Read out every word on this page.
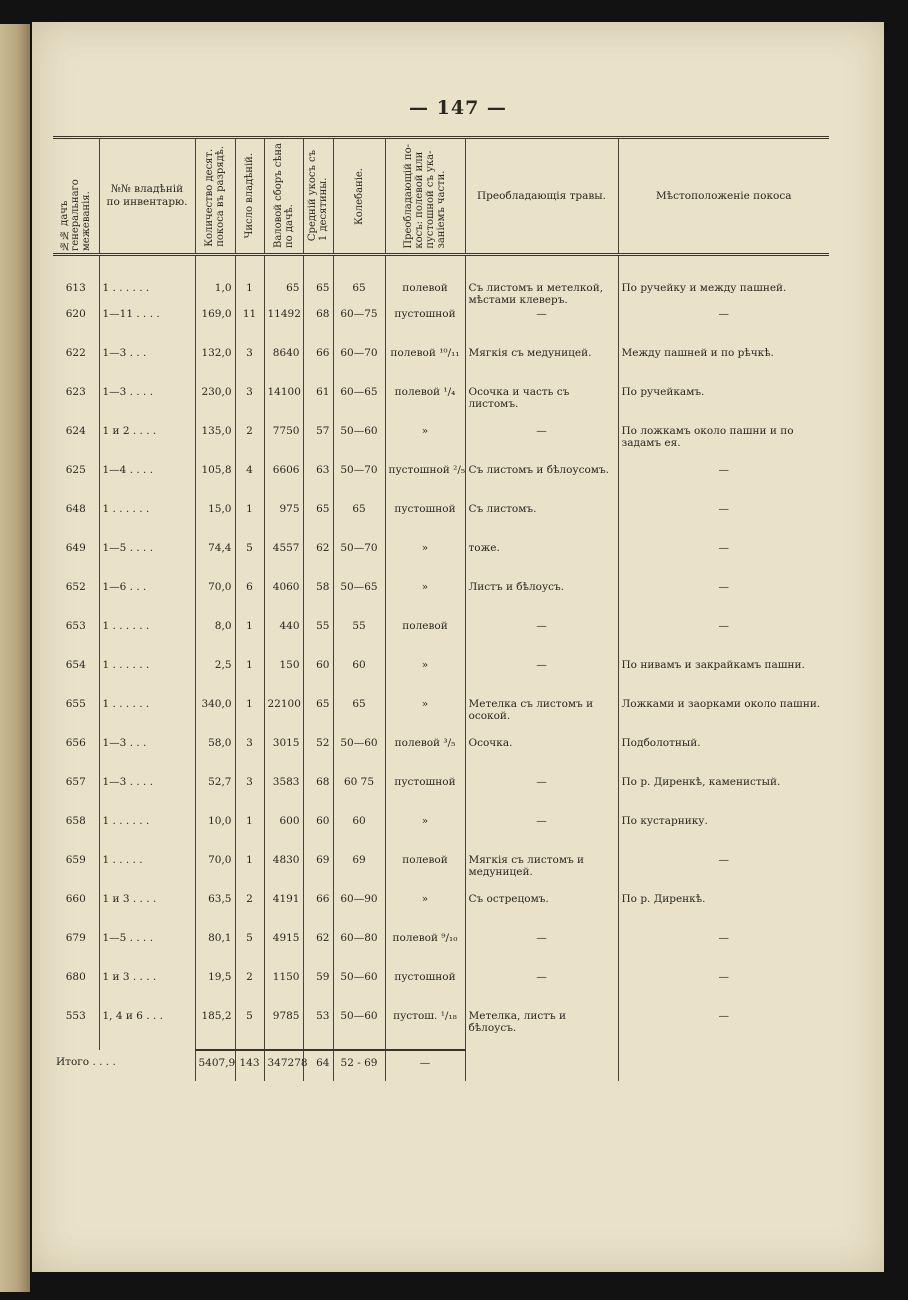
— 147 —
№№ дачъ генеральнаго межеванія.	№№ владѣній
по инвентарю.	Количество десят.
покоса въ разрядѣ.	Число владѣній.	Валовой сборъ сѣна
по дачѣ.	Средній укосъ съ
1 десятины.	Колебаніе.	Преобладающій по-
косъ: полевой или
пустошной съ ука-
заніемъ части.	Преобладающія травы.	Мѣстоположеніе покоса

613	1 . . . . . .	1,0	1	65	65	65	полевой	Съ листомъ и метелкой, мѣстами клеверъ.	По ручейку и между пашней.
620	1—11 . . . .	169,0	11	11492	68	60—75	пустошной	—	—
622	1—3 . . .	132,0	3	8640	66	60—70	полевой ¹⁰/₁₁	Мягкія съ медуницей.	Между пашней и по рѣчкѣ.
623	1—3 . . . .	230,0	3	14100	61	60—65	полевой ¹/₄	Осочка и часть съ листомъ.	По ручейкамъ.
624	1 и 2 . . . .	135,0	2	7750	57	50—60	»	—	По ложкамъ около пашни и по задамъ ея.
625	1—4 . . . .	105,8	4	6606	63	50—70	пустошной ²/₅	Съ листомъ и бѣлоусомъ.	—
648	1 . . . . . .	15,0	1	975	65	65	пустошной	Съ листомъ.	—
649	1—5 . . . .	74,4	5	4557	62	50—70	»	тоже.	—
652	1—6 . . .	70,0	6	4060	58	50—65	»	Листъ и бѣлоусъ.	—
653	1 . . . . . .	8,0	1	440	55	55	полевой	—	—
654	1 . . . . . .	2,5	1	150	60	60	»	—	По нивамъ и закрайкамъ пашни.
655	1 . . . . . .	340,0	1	22100	65	65	»	Метелка съ листомъ и осокой.	Ложками и заорками около пашни.
656	1—3 . . .	58,0	3	3015	52	50—60	полевой ³/₅	Осочка.	Подболотный.
657	1—3 . . . .	52,7	3	3583	68	60 75	пустошной	—	По р. Диренкѣ, каменистый.
658	1 . . . . . .	10,0	1	600	60	60	»	—	По кустарнику.
659	1 . . . . .	70,0	1	4830	69	69	полевой	Мягкія съ листомъ и медуницей.	—
660	1 и 3 . . . .	63,5	2	4191	66	60—90	»	Съ острецомъ.	По р. Диренкѣ.
679	1—5 . . . .	80,1	5	4915	62	60—80	полевой ⁹/₁₀	—	—
680	1 и 3 . . . .	19,5	2	1150	59	50—60	пустошной	—	—
553	1, 4 и 6 . . .	185,2	5	9785	53	50—60	пустош. ¹/₁₈	Метелка, листъ и бѣлоусъ.	—
Итого . . . .		5407,9	143	347278	64	52 - 69	—		
